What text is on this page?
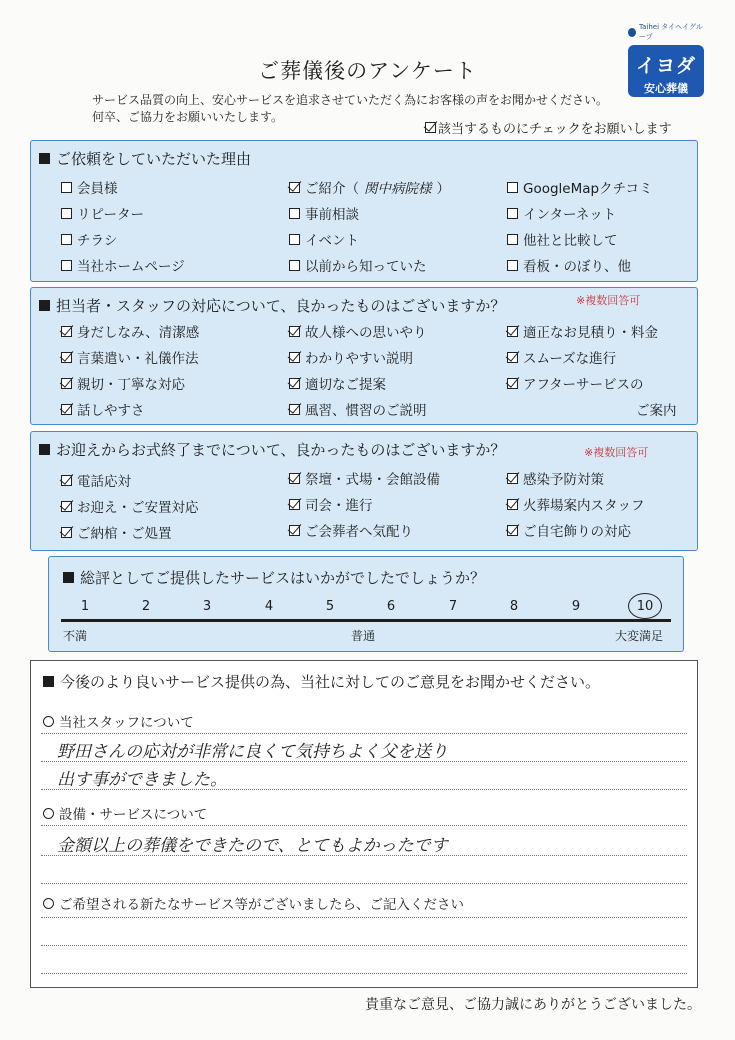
Taihei タイヘイグループ
イヨダ
安心葬儀
ご葬儀後のアンケート
サービス品質の向上、安心サービスを追求させていただく為にお客様の声をお聞かせください。
何卒、ご協力をお願いいたします。
該当するものにチェックをお願いします
ご依頼をしていただいた理由
会員様	ご紹介（ 関中病院様 ）	GoogleMapクチコミ
リピーター	事前相談	インターネット
チラシ	イベント	他社と比較して
当社ホームページ	以前から知っていた	看板・のぼり、他
担当者・スタッフの対応について、良かったものはございますか？	※複数回答可
身だしなみ、清潔感	故人様への思いやり	適正なお見積り・料金
言葉遣い・礼儀作法	わかりやすい説明	スムーズな進行
親切・丁寧な対応	適切なご提案	アフターサービスの
話しやすさ	風習、慣習のご説明	ご案内
お迎えからお式終了までについて、良かったものはございますか？	※複数回答可
電話応対	祭壇・式場・会館設備	感染予防対策
お迎え・ご安置対応	司会・進行	火葬場案内スタッフ
ご納棺・ご処置	ご会葬者へ気配り	ご自宅飾りの対応
総評としてご提供したサービスはいかがでしたでしょうか？
1	2	3	4	5	6	7	8	9	10
不満	普通	大変満足
今後のより良いサービス提供の為、当社に対してのご意見をお聞かせください。
当社スタッフについて
野田さんの応対が非常に良くて気持ちよく父を送り
出す事ができました。
設備・サービスについて
金額以上の葬儀をできたので、とてもよかったです
ご希望される新たなサービス等がございましたら、ご記入ください
貴重なご意見、ご協力誠にありがとうございました。
